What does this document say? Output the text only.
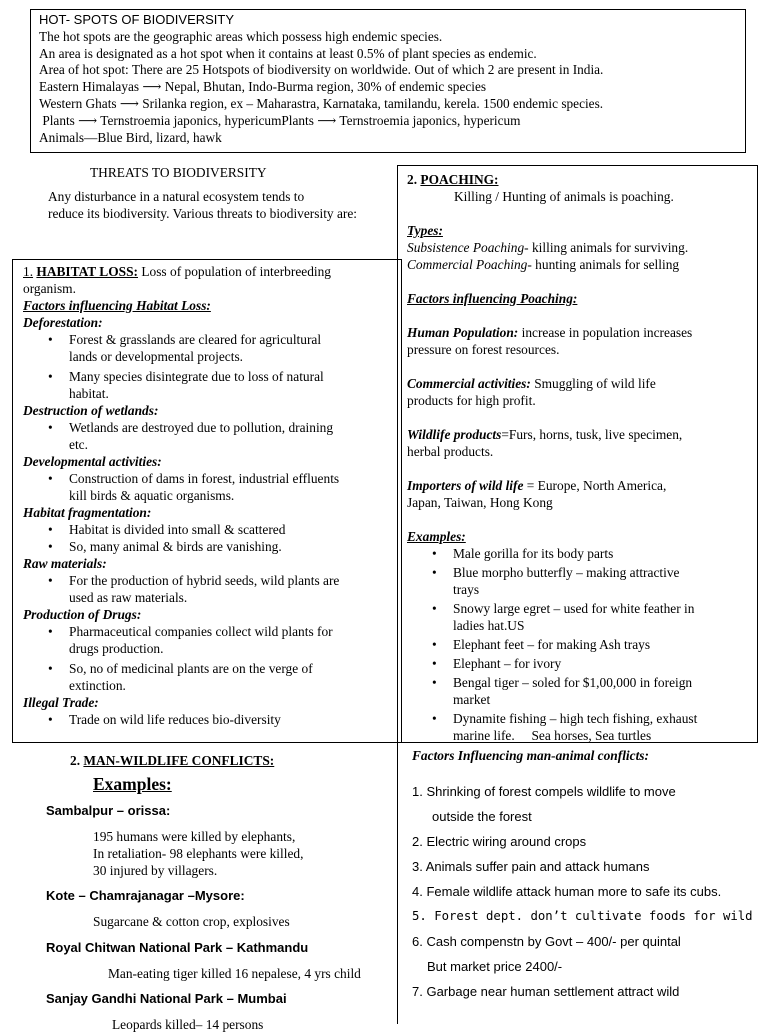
HOT- SPOTS OF BIODIVERSITY

The hot spots are the geographic areas which possess high endemic species.

An area is designated as a hot spot when it contains at least 0.5% of plant species as endemic.

Area of hot spot: There are 25 Hotspots of biodiversity on worldwide. Out of which 2 are present in India.

Eastern Himalayas ⟶ Nepal, Bhutan, Indo-Burma region, 30% of endemic species

Western Ghats ⟶ Srilanka region, ex – Maharastra, Karnataka, tamilandu, kerela. 1500 endemic species.

Plants ⟶ Ternstroemia japonics, hypericumPlants ⟶ Ternstroemia japonics, hypericum

Animals—Blue Bird, lizard, hawk

THREATS TO BIODIVERSITY

Any disturbance in a natural ecosystem tends to

reduce its biodiversity. Various threats to biodiversity are:

1. HABITAT LOSS: Loss of population of interbreeding

organism.

Factors influencing Habitat Loss:

Deforestation:

• Forest & grasslands are cleared for agricultural
lands or developmental projects.
• Many species disintegrate due to loss of natural
habitat.

Destruction of wetlands:

• Wetlands are destroyed due to pollution, draining
etc.

Developmental activities:

• Construction of dams in forest, industrial effluents
kill birds & aquatic organisms.

Habitat fragmentation:

• Habitat is divided into small & scattered
• So, many animal & birds are vanishing.

Raw materials:

• For the production of hybrid seeds, wild plants are
used as raw materials.

Production of Drugs:

• Pharmaceutical companies collect wild plants for
drugs production.
• So, no of medicinal plants are on the verge of
extinction.

Illegal Trade:

• Trade on wild life reduces bio-diversity

2. POACHING:

Killing / Hunting of animals is poaching.

Types:

Subsistence Poaching- killing animals for surviving.

Commercial Poaching- hunting animals for selling

Factors influencing Poaching:

Human Population: increase in population increases
pressure on forest resources.

Commercial activities: Smuggling of wild life
products for high profit.

Wildlife products=Furs, horns, tusk, live specimen,
herbal products.

Importers of wild life = Europe, North America,
Japan, Taiwan, Hong Kong

Examples:

• Male gorilla for its body parts
• Blue morpho butterfly – making attractive
trays
• Snowy large egret – used for white feather in
ladies hat.US
• Elephant feet – for making Ash trays
• Elephant – for ivory
• Bengal tiger – soled for $1,00,000 in foreign
market
• Dynamite fishing – high tech fishing, exhaust
marine life.     Sea horses, Sea turtles

2. MAN-WILDLIFE CONFLICTS:

Examples:

Sambalpur – orissa:

195 humans were killed by elephants,

In retaliation- 98 elephants were killed,

30 injured by villagers.

Kote – Chamrajanagar –Mysore:

Sugarcane & cotton crop, explosives

Royal Chitwan National Park – Kathmandu

Man-eating tiger killed 16 nepalese, 4 yrs child

Sanjay Gandhi National Park – Mumbai

Leopards killed– 14 persons

Factors Influencing man-animal conflicts:

1. Shrinking of forest compels wildlife to move

outside the forest

2. Electric wiring around crops

3. Animals suffer pain and attack humans

4. Female wildlife attack human more to safe its cubs.

5. Forest dept. don’t cultivate foods for wild

6. Cash compenstn by Govt – 400/- per quintal

But market price 2400/-

7. Garbage near human settlement attract wild
